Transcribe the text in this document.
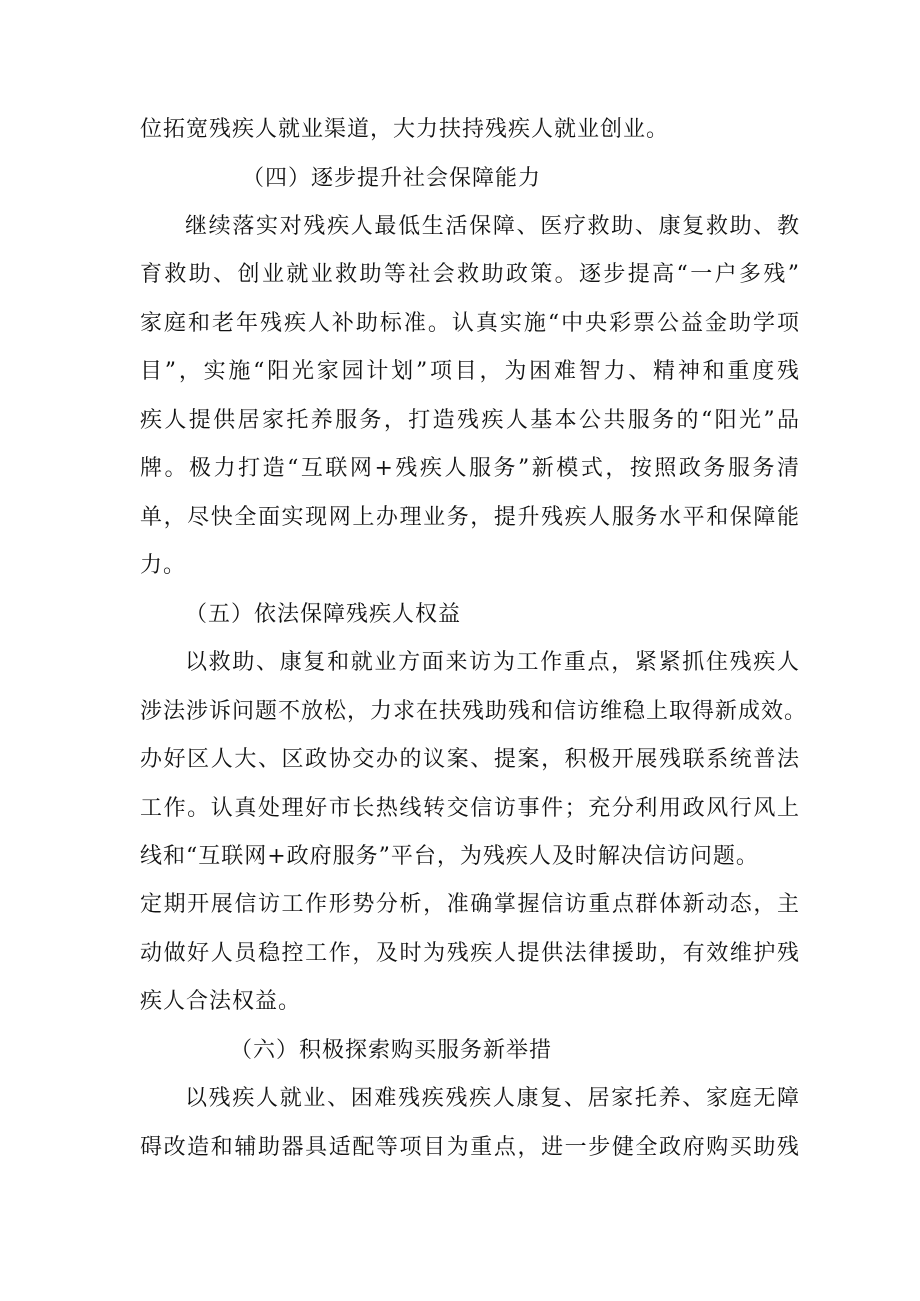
位拓宽残疾人就业渠道，大力扶持残疾人就业创业。
（四）逐步提升社会保障能力
继续落实对残疾人最低生活保障、医疗救助、康复救助、教
育救助、创业就业救助等社会救助政策。逐步提高“一户多残”
家庭和老年残疾人补助标准。认真实施“中央彩票公益金助学项
目”，实施“阳光家园计划”项目，为困难智力、精神和重度残
疾人提供居家托养服务，打造残疾人基本公共服务的“阳光”品
牌。极力打造“互联网+残疾人服务”新模式，按照政务服务清
单，尽快全面实现网上办理业务，提升残疾人服务水平和保障能
力。
（五）依法保障残疾人权益
以救助、康复和就业方面来访为工作重点，紧紧抓住残疾人
涉法涉诉问题不放松，力求在扶残助残和信访维稳上取得新成效。
办好区人大、区政协交办的议案、提案，积极开展残联系统普法
工作。认真处理好市长热线转交信访事件；充分利用政风行风上
线和“互联网+政府服务”平台，为残疾人及时解决信访问题。
定期开展信访工作形势分析，准确掌握信访重点群体新动态，主
动做好人员稳控工作，及时为残疾人提供法律援助，有效维护残
疾人合法权益。
（六）积极探索购买服务新举措
以残疾人就业、困难残疾残疾人康复、居家托养、家庭无障
碍改造和辅助器具适配等项目为重点，进一步健全政府购买助残
